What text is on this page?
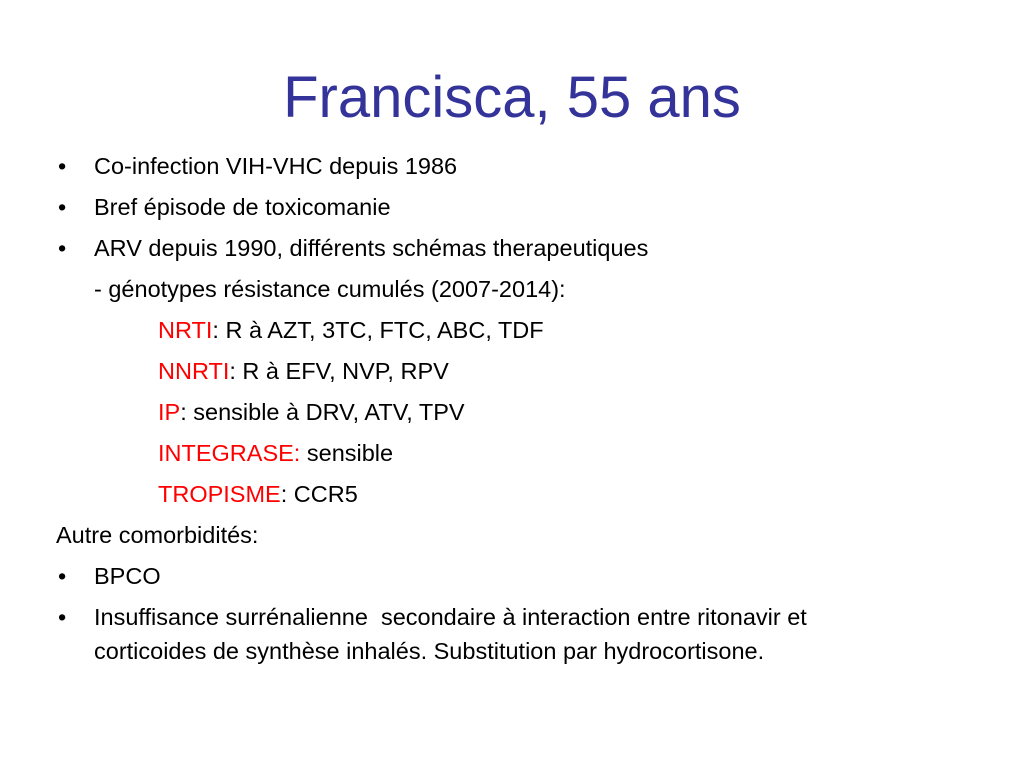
Francisca, 55 ans
• Co-infection VIH-VHC depuis 1986
• Bref épisode de toxicomanie
• ARV depuis 1990, différents schémas therapeutiques
- génotypes résistance cumulés (2007-2014):
NRTI: R à AZT, 3TC, FTC, ABC, TDF
NNRTI: R à EFV, NVP, RPV
IP: sensible à DRV, ATV, TPV
INTEGRASE: sensible
TROPISME: CCR5
Autre comorbidités:
• BPCO
• Insuffisance surrénalienne  secondaire à interaction entre ritonavir et
corticoides de synthèse inhalés. Substitution par hydrocortisone.
